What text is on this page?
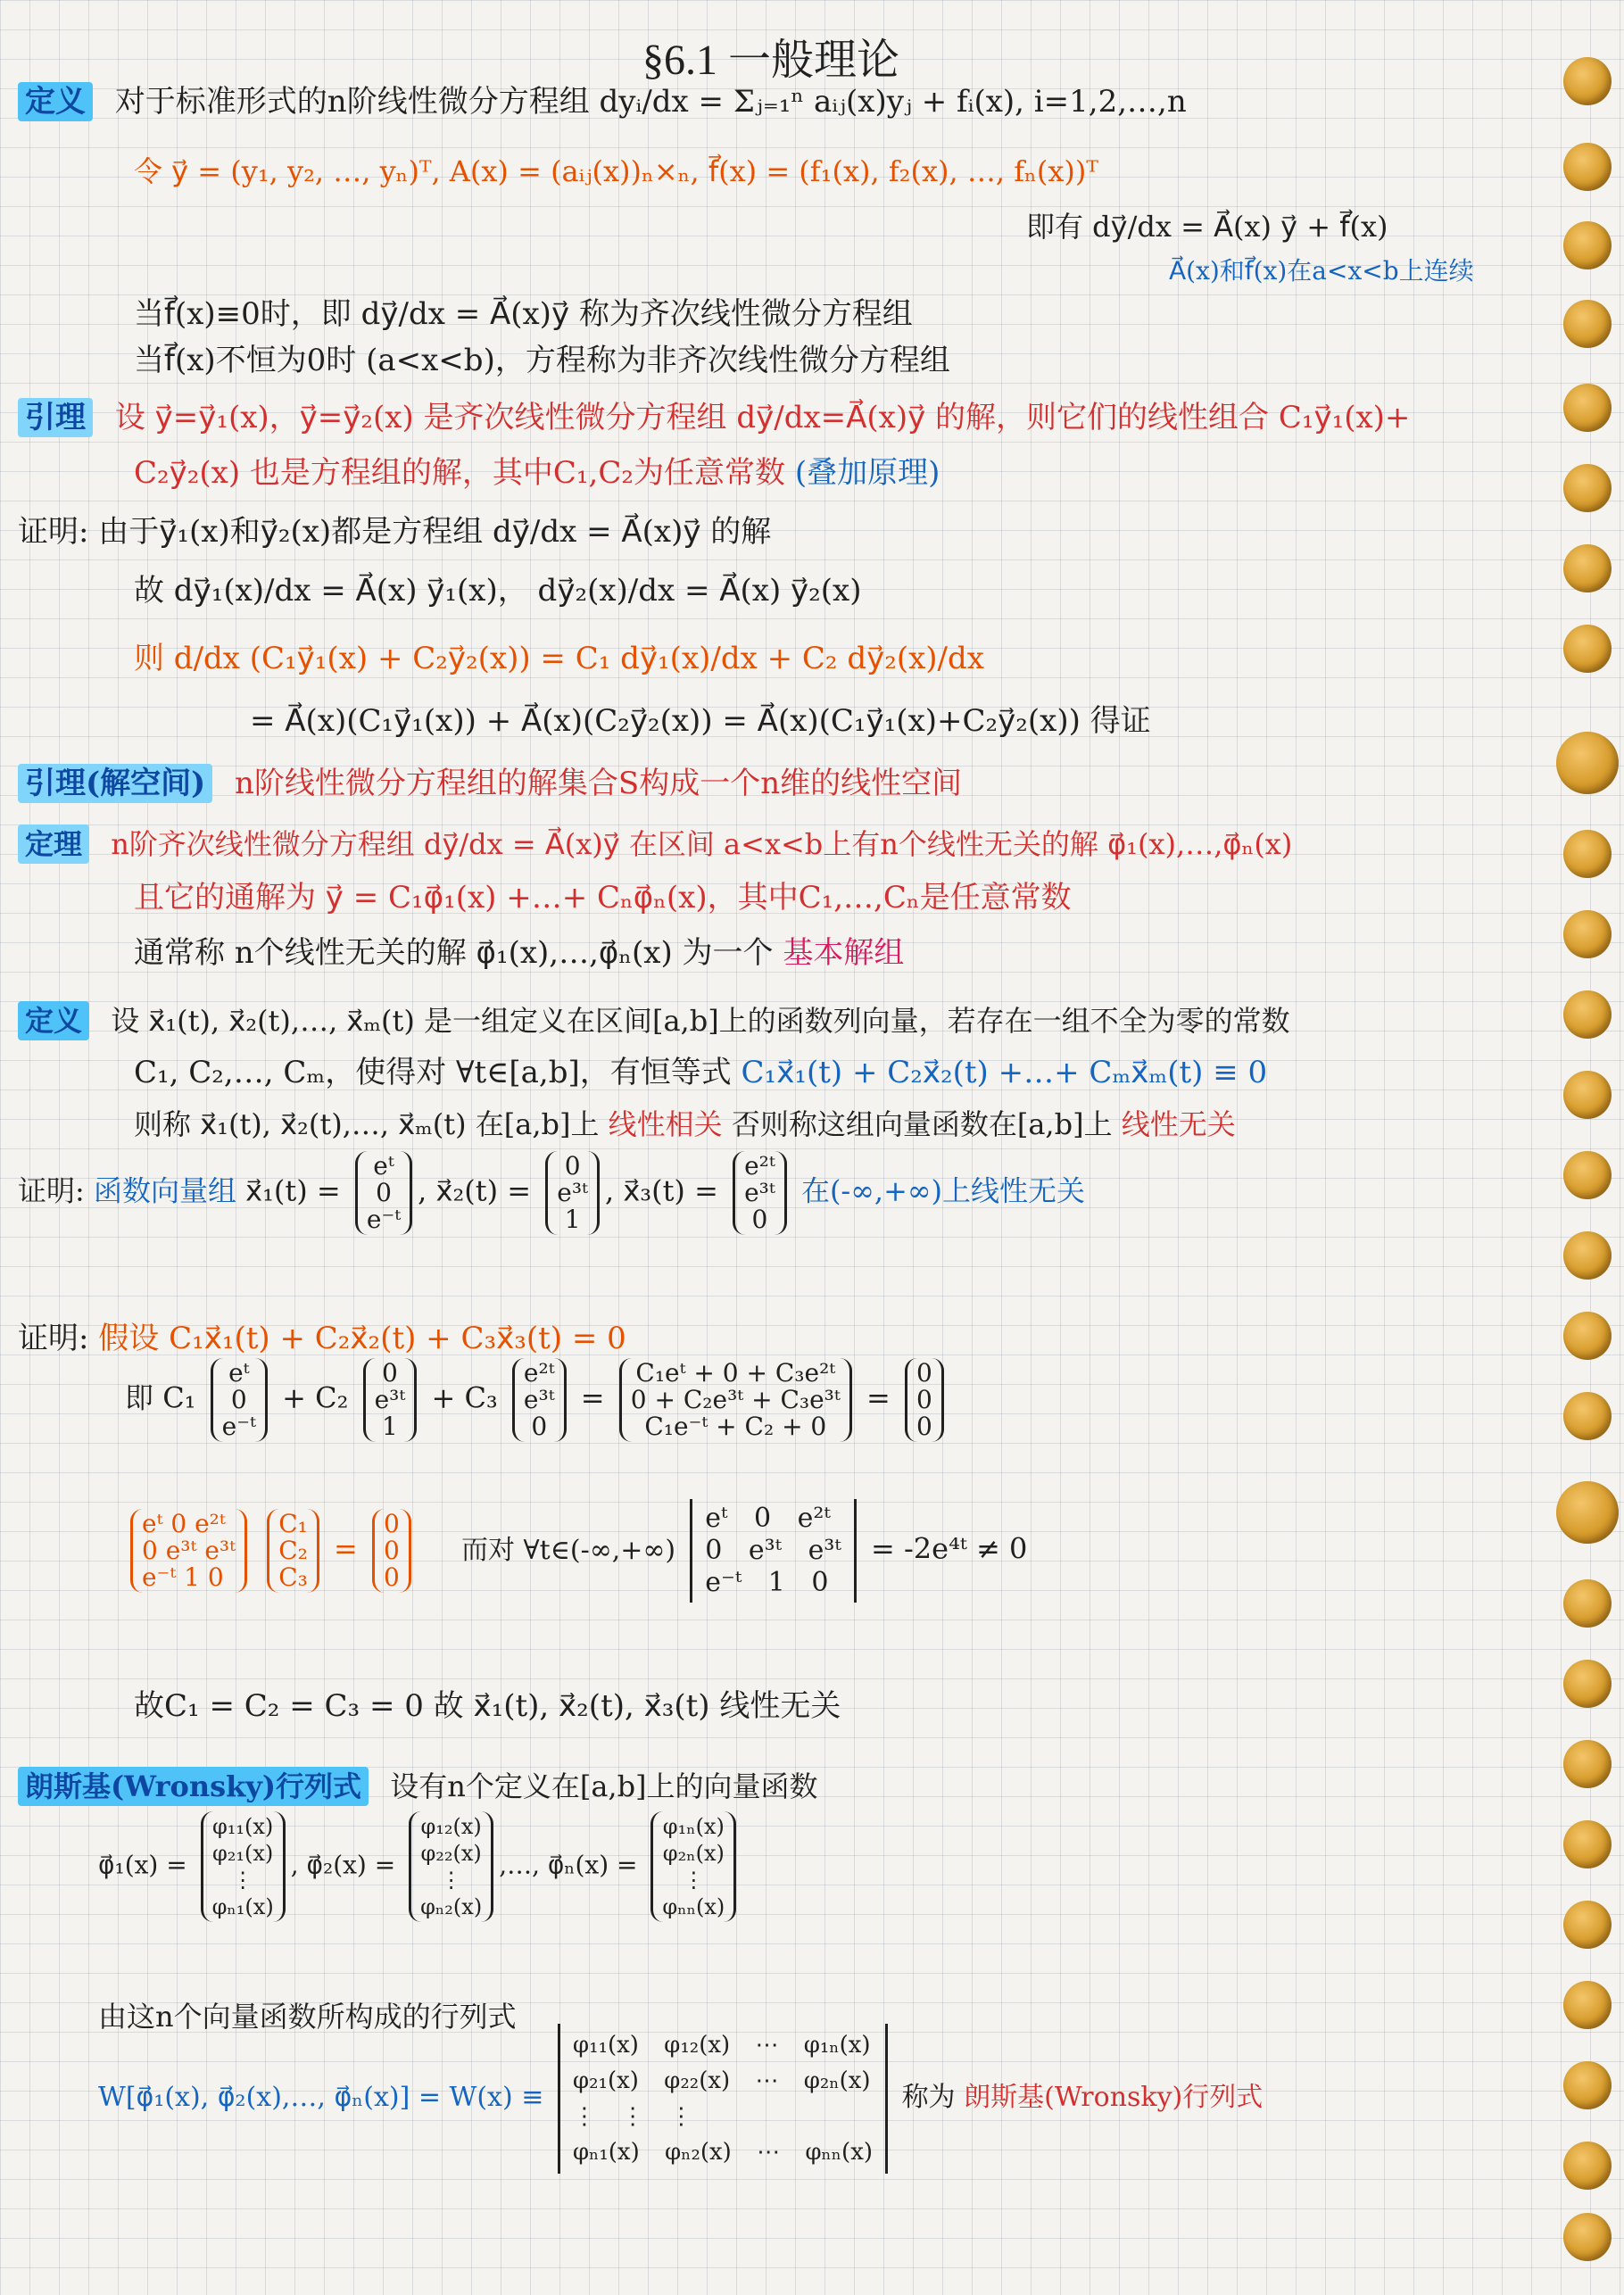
§6.1 一般理论
定义 对于标准形式的n阶线性微分方程组 dyᵢ/dx = Σⱼ₌₁ⁿ aᵢⱼ(x)yⱼ + fᵢ(x), i=1,2,…,n
令 y⃗ = (y₁, y₂, …, yₙ)ᵀ, A(x) = (aᵢⱼ(x))ₙ×ₙ, f⃗(x) = (f₁(x), f₂(x), …, fₙ(x))ᵀ
即有 dy⃗/dx = A⃗(x) y⃗ + f⃗(x)
A⃗(x)和f⃗(x)在a<x<b上连续
当f⃗(x)≡0时，即 dy⃗/dx = A⃗(x)y⃗ 称为齐次线性微分方程组
当f⃗(x)不恒为0时 (a<x<b)，方程称为非齐次线性微分方程组
引理 设 y⃗=y⃗₁(x)，y⃗=y⃗₂(x) 是齐次线性微分方程组 dy⃗/dx=A⃗(x)y⃗ 的解，则它们的线性组合 C₁y⃗₁(x)+
C₂y⃗₂(x) 也是方程组的解，其中C₁,C₂为任意常数 (叠加原理)
证明: 由于y⃗₁(x)和y⃗₂(x)都是方程组 dy⃗/dx = A⃗(x)y⃗ 的解
故 dy⃗₁(x)/dx = A⃗(x) y⃗₁(x)， dy⃗₂(x)/dx = A⃗(x) y⃗₂(x)
则 d/dx (C₁y⃗₁(x) + C₂y⃗₂(x)) = C₁ dy⃗₁(x)/dx + C₂ dy⃗₂(x)/dx
= A⃗(x)(C₁y⃗₁(x)) + A⃗(x)(C₂y⃗₂(x)) = A⃗(x)(C₁y⃗₁(x)+C₂y⃗₂(x)) 得证
引理(解空间) n阶线性微分方程组的解集合S构成一个n维的线性空间
定理 n阶齐次线性微分方程组 dy⃗/dx = A⃗(x)y⃗ 在区间 a<x<b上有n个线性无关的解 φ⃗₁(x),…,φ⃗ₙ(x)
且它的通解为 y⃗ = C₁φ⃗₁(x) +…+ Cₙφ⃗ₙ(x)，其中C₁,…,Cₙ是任意常数
通常称 n个线性无关的解 φ⃗₁(x),…,φ⃗ₙ(x) 为一个 基本解组
定义 设 x⃗₁(t), x⃗₂(t),…, x⃗ₘ(t) 是一组定义在区间[a,b]上的函数列向量，若存在一组不全为零的常数
C₁, C₂,…, Cₘ，使得对 ∀t∈[a,b]，有恒等式 C₁x⃗₁(t) + C₂x⃗₂(t) +…+ Cₘx⃗ₘ(t) ≡ 0
则称 x⃗₁(t), x⃗₂(t),…, x⃗ₘ(t) 在[a,b]上 线性相关 否则称这组向量函数在[a,b]上 线性无关
证明: 函数向量组 x⃗₁(t) =
eᵗ
0
e⁻ᵗ
, x⃗₂(t) =
0
e³ᵗ
1
, x⃗₃(t) =
e²ᵗ
e³ᵗ
0
在(-∞,+∞)上线性无关
证明: 假设 C₁x⃗₁(t) + C₂x⃗₂(t) + C₃x⃗₃(t) = 0
即 C₁
eᵗ
0
e⁻ᵗ
+ C₂
0
e³ᵗ
1
+ C₃
e²ᵗ
e³ᵗ
0
=
C₁eᵗ + 0 + C₃e²ᵗ
0 + C₂e³ᵗ + C₃e³ᵗ
C₁e⁻ᵗ + C₂ + 0
=
0
0
0
eᵗ 0 e²ᵗ
0 e³ᵗ e³ᵗ
e⁻ᵗ 1 0

C₁
C₂
C₃
=
0
0
0
而对 ∀t∈(-∞,+∞)
eᵗ 0 e²ᵗ
0 e³ᵗ e³ᵗ
e⁻ᵗ 1 0
= -2e⁴ᵗ ≠ 0
故C₁ = C₂ = C₃ = 0 故 x⃗₁(t), x⃗₂(t), x⃗₃(t) 线性无关
朗斯基(Wronsky)行列式 设有n个定义在[a,b]上的向量函数
φ⃗₁(x) =
φ₁₁(x)
φ₂₁(x)
⋮
φₙ₁(x)
, φ⃗₂(x) =
φ₁₂(x)
φ₂₂(x)
⋮
φₙ₂(x)
,…, φ⃗ₙ(x) =
φ₁ₙ(x)
φ₂ₙ(x)
⋮
φₙₙ(x)
由这n个向量函数所构成的行列式
W[φ⃗₁(x), φ⃗₂(x),…, φ⃗ₙ(x)] = W(x) ≡
φ₁₁(x) φ₁₂(x) ⋯ φ₁ₙ(x)
φ₂₁(x) φ₂₂(x) ⋯ φ₂ₙ(x)
⋮ ⋮ ⋮
φₙ₁(x) φₙ₂(x) ⋯ φₙₙ(x)
称为 朗斯基(Wronsky)行列式
